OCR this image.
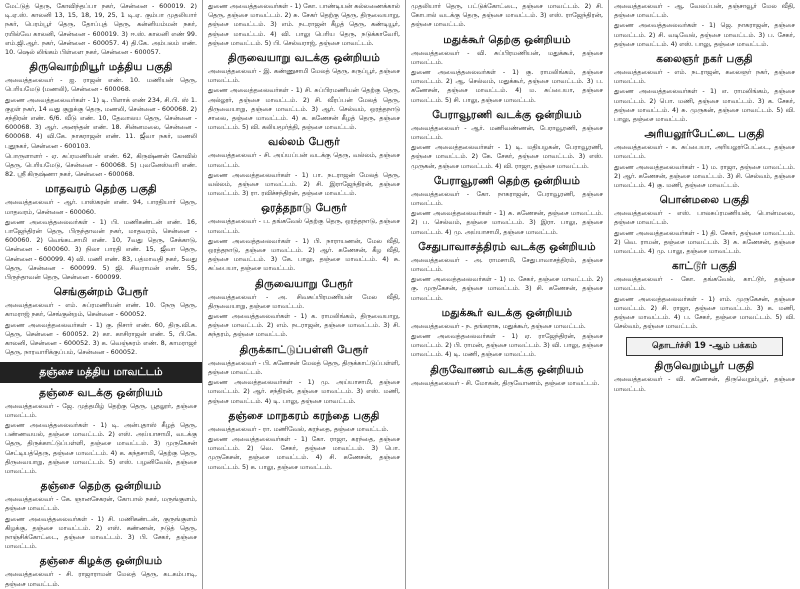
மேட்டுத் தெரு, கோவிந்தப்பா நகர், சென்னை - 600019. 2) டி.ஏ.ஸ். காலனி 13, 15, 18, 19, 25, 1 டி.ஏ. கும்பா முதலியார் நகர், பெரம்பூர் தெரு, தோப்புத் தெரு, கன்னியம்மன் நகர், ரயில்வே காலனி, சென்னை - 600019. 3) ஈ.ஸ். காலனி எண் 99. எம்.ஜி.ஆர். நகர், சென்னை - 600057. 4) தி.கே. அம்பலம் எண். 10. ஷெல் லிங்கம் பிள்ளை நகர், சென்னை - 600057.
திருவொற்றியூர் மத்திய பகுதி
அவைத்தலைவர் - ஐ. ராஜன் எண். 10. மணியன் தெரு, பெரியமேடு (மணலி), சென்னை - 600068.
துணை அவைத்தலைவர்கள் - 1) டி. பிளாக் எண் 234, சி.பி. ஸ் 1. குறள் நகர், 14 வது குறுக்கு தெரு, மணலி, சென்னை - 600068. 2) சந்திரன் எண். 6/6. வீடு எண். 10, தேவாலய தெரு, சென்னை - 600068. 3) ஆர். அனந்தன் எண். 18. சின்னமலை, சென்னை - 600068. 4) வி.கே. நாகராஜன் எண். 11. ஜீவா நகர், மணலி புதுநகர், சென்னை - 600103.
பொருளாளர் - ஏ. சுப்ரமணியன் எண். 62, கிருஷ்ணன் கோவில் தெரு, பெரியமேடு, சென்னை - 600068. 5) புவனேஸ்வரி எண். 82. ஸ்ரீ கிருஷ்ணா நகர், சென்னை - 600068.
மாதவரம் தெற்கு பகுதி
அவைத்தலைவர் - ஆர். பாஸ்கரன் எண். 94, பாரதியார் தெரு, மாதவரம், சென்னை - 600060.
துணை அவைத்தலைவர்கள் - 1) பி. மணிகண்டன் எண். 16, பாஜேந்திரன் தெரு, பிருந்தாவன் நகர், மாதவரம், சென்னை - 600060. 2) வெங்கடசாமி எண். 10, 7வது தெரு, சேக்காடு, சென்னை - 600060. 3) நிலா பாரதி எண். 15, ஜீவா தெரு, சென்னை - 600099. 4) வி. மணி எண். 83, பத்மாவதி நகர், 5வது தெரு, சென்னை - 600099. 5) ஜி. சிவராமன் எண். 55, பிருந்தாவன் தெரு, சென்னை - 600099.
செங்குன்றம் பேரூர்
அவைத்தலைவர் - எம். சுப்ரமணியன் எண். 10. நேரு தெரு, காமராஜ் நகர், செங்குன்றம், சென்னை - 600052.
துணை அவைத்தலைவர்கள் - 1) கு. நிசார் எண். 60, திரு.வி.க. தெரு, சென்னை - 600052. 2) கா. காசிராஜன் எண். 5, பி.கே. காலனி, சென்னை - 600052. 3) க. வெஞ்சுரம் எண். 8, காமராஜர் தெரு, நாரவாரிக்குப்பம், சென்னை - 600052.
தஞ்சை மத்திய மாவட்டம்
தஞ்சை வடக்கு ஒன்றியம்
அவைத்தலைவர் - ஜே. முத்தமிழ் தெற்கு தெரு, பூதலூர், தஞ்சை மாவட்டம்.
துணை அவைத்தலைவர்கள் - 1) டி. அன்புதாஸ் கீழத் தெரு, பண்ணவயல், தஞ்சை மாவட்டம். 2) எஸ். அய்யாசாமி, வடக்கு தெரு, திருக்காட்டுப்பள்ளி, தஞ்சை மாவட்டம். 3) முருகேசன் செட்டியத்தெரு, தஞ்சை மாவட்டம். 4) க. கந்தசாமி, தெற்கு தெரு, திருவையாறு, தஞ்சை மாவட்டம். 5) எஸ். பழனிவேல், தஞ்சை மாவட்டம்.
தஞ்சை தெற்கு ஒன்றியம்
அவைத்தலைவர் - கே. ஞானசேகரன், கோபால் நகர், மருங்குளம், தஞ்சை மாவட்டம்.
துணை அவைத்தலைவர்கள் - 1) சி. மணிகண்டன், குருங்குளம் கிழக்கு, தஞ்சை மாவட்டம். 2) எஸ். கண்ணன், நடுத் தெரு, நாஞ்சிக்கோட்டை, தஞ்சை மாவட்டம். 3) பி. சேகர், தஞ்சை மாவட்டம்.
தஞ்சை கிழக்கு ஒன்றியம்
அவைத்தலைவர் - சி. ராஜாராமன் மேலத் தெரு, கடகம்பாடி, தஞ்சை மாவட்டம்.
துணை அவைத்தலைவர்கள் - 1) கோ. பாண்டியன் கல்லணைக்கால் தெரு, தஞ்சை மாவட்டம். 2) சு. சேகர் தெற்கு தெரு, திருவையாறு, தஞ்சை மாவட்டம். 3) எம். நடராஜன் கீழத் தெரு, கண்டியூர், தஞ்சை மாவட்டம். 4) வி. பாலு பெரிய தெரு, நடுக்காவேரி, தஞ்சை மாவட்டம். 5) பி. செல்வராஜ், தஞ்சை மாவட்டம்.
திருவையாறு வடக்கு ஒன்றியம்
அவைத்தலைவர் - இ. கண்ணுசாமி மேலத் தெரு, கருப்பூர், தஞ்சை மாவட்டம்.
துணை அவைத்தலைவர்கள் - 1) சி. சுப்பிரமணியன் தெற்கு தெரு, அல்லூர், தஞ்சை மாவட்டம். 2) சி. வீரப்பன் மேலத் தெரு, திருவையாறு, தஞ்சை மாவட்டம். 3) ஆர். செல்வம், ஒரத்தநாடு சாலை, தஞ்சை மாவட்டம். 4) க. கணேசன் கீழத் தெரு, தஞ்சை மாவட்டம். 5) வி. கலியமூர்த்தி, தஞ்சை மாவட்டம்.
வல்லம் பேரூர்
அவைத்தலைவர் - சி. அய்யப்பன் வடக்கு தெரு, வல்லம், தஞ்சை மாவட்டம்.
துணை அவைத்தலைவர்கள் - 1) பா. நடராஜன் மேலத் தெரு, வல்லம், தஞ்சை மாவட்டம். 2) சி. இராஜேந்திரன், தஞ்சை மாவட்டம். 3) ரா. ரவிச்சந்திரன், தஞ்சை மாவட்டம்.
ஒரத்தநாடு பேரூர்
அவைத்தலைவர் - ப. தங்கவேல் தெற்கு தெரு, ஒரத்தநாடு, தஞ்சை மாவட்டம்.
துணை அவைத்தலைவர்கள் - 1) பி. நாராயணன், மேல வீதி, ஒரத்தநாடு, தஞ்சை மாவட்டம். 2) ஆர். கணேசன், கீழ வீதி, தஞ்சை மாவட்டம். 3) கே. பாலு, தஞ்சை மாவட்டம். 4) சு. சுப்பையா, தஞ்சை மாவட்டம்.
திருவையாறு பேரூர்
அவைத்தலைவர் - அ. சிவசுப்பிரமணியன் மேல வீதி, திருவையாறு, தஞ்சை மாவட்டம்.
துணை அவைத்தலைவர்கள் - 1) க. ராமலிங்கம், திருவையாறு, தஞ்சை மாவட்டம். 2) எம். நடராஜன், தஞ்சை மாவட்டம். 3) சி. சுந்தரம், தஞ்சை மாவட்டம்.
திருக்காட்டுப்பள்ளி பேரூர்
அவைத்தலைவர் - பி. கணேசன் மேலத் தெரு, திருக்காட்டுப்பள்ளி, தஞ்சை மாவட்டம்.
துணை அவைத்தலைவர்கள் - 1) மு. அய்யாசாமி, தஞ்சை மாவட்டம். 2) ஆர். சந்திரன், தஞ்சை மாவட்டம். 3) எஸ். மணி, தஞ்சை மாவட்டம். 4) டி. பாலு, தஞ்சை மாவட்டம்.
தஞ்சை மாநகரம் கரந்தை பகுதி
அவைத்தலைவர் - ரா. மணிவேல், கரந்தை, தஞ்சை மாவட்டம்.
துணை அவைத்தலைவர்கள் - 1) கோ. ராஜா, கரந்தை, தஞ்சை மாவட்டம். 2) வெ. சேகர், தஞ்சை மாவட்டம். 3) பொ. முருகேசன், தஞ்சை மாவட்டம். 4) சி. கணேசன், தஞ்சை மாவட்டம். 5) க. பாலு, தஞ்சை மாவட்டம்.
முதலியார் தெரு, பட்டுக்கோட்டை, தஞ்சை மாவட்டம். 2) சி. கோபால் வடக்கு தெரு, தஞ்சை மாவட்டம். 3) எஸ். ராஜேந்திரன், தஞ்சை மாவட்டம்.
மதுக்கூர் தெற்கு ஒன்றியம்
அவைத்தலைவர் - வி. சுப்பிரமணியன், மதுக்கூர், தஞ்சை மாவட்டம்.
துணை அவைத்தலைவர்கள் - 1) கு. ராமலிங்கம், தஞ்சை மாவட்டம். 2) ஆ. செல்வம், மதுக்கூர், தஞ்சை மாவட்டம். 3) ப. கணேசன், தஞ்சை மாவட்டம். 4) ம. சுப்பையா, தஞ்சை மாவட்டம். 5) சி. பாலு, தஞ்சை மாவட்டம்.
பேராவூரணி வடக்கு ஒன்றியம்
அவைத்தலைவர் - ஆர். மணிவண்ணன், பேராவூரணி, தஞ்சை மாவட்டம்.
துணை அவைத்தலைவர்கள் - 1) டி. மதியழகன், பேராவூரணி, தஞ்சை மாவட்டம். 2) கே. சேகர், தஞ்சை மாவட்டம். 3) எஸ். முருகன், தஞ்சை மாவட்டம். 4) வி. ராஜா, தஞ்சை மாவட்டம்.
பேராவூரணி தெற்கு ஒன்றியம்
அவைத்தலைவர் - கோ. நாகராஜன், பேராவூரணி, தஞ்சை மாவட்டம்.
துணை அவைத்தலைவர்கள் - 1) சு. கணேசன், தஞ்சை மாவட்டம். 2) ப. செல்வம், தஞ்சை மாவட்டம். 3) இரா. பாலு, தஞ்சை மாவட்டம். 4) மு. அய்யாசாமி, தஞ்சை மாவட்டம்.
சேதுபாவாசத்திரம் வடக்கு ஒன்றியம்
அவைத்தலைவர் - அ. ராமசாமி, சேதுபாவாசத்திரம், தஞ்சை மாவட்டம்.
துணை அவைத்தலைவர்கள் - 1) ம. சேகர், தஞ்சை மாவட்டம். 2) கு. முருகேசன், தஞ்சை மாவட்டம். 3) சி. கணேசன், தஞ்சை மாவட்டம்.
மதுக்கூர் வடக்கு ஒன்றியம்
அவைத்தலைவர் - ந. தங்கராசு, மதுக்கூர், தஞ்சை மாவட்டம்.
துணை அவைத்தலைவர்கள் - 1) ஏ. ராஜேந்திரன், தஞ்சை மாவட்டம். 2) பி. ராமன், தஞ்சை மாவட்டம். 3) வி. பாலு, தஞ்சை மாவட்டம். 4) டி. மணி, தஞ்சை மாவட்டம்.
திருவோணம் வடக்கு ஒன்றியம்
அவைத்தலைவர் - சி. மோகன், திருவோணம், தஞ்சை மாவட்டம்.
அவைத்தலைவர் - ஆ. வேலப்பன், தஞ்சாவூர் மேல வீதி, தஞ்சை மாவட்டம்.
துணை அவைத்தலைவர்கள் - 1) ஜெ. நாகராஜன், தஞ்சை மாவட்டம். 2) சி. வடிவேல், தஞ்சை மாவட்டம். 3) ப. சேகர், தஞ்சை மாவட்டம். 4) எஸ். பாலு, தஞ்சை மாவட்டம்.
கலைஞர் நகர் பகுதி
அவைத்தலைவர் - எம். நடராஜன், கலைஞர் நகர், தஞ்சை மாவட்டம்.
துணை அவைத்தலைவர்கள் - 1) எ. ராமலிங்கம், தஞ்சை மாவட்டம். 2) பொ. மணி, தஞ்சை மாவட்டம். 3) க. சேகர், தஞ்சை மாவட்டம். 4) சு. முருகன், தஞ்சை மாவட்டம். 5) வி. பாலு, தஞ்சை மாவட்டம்.
அரியலூர்பேட்டை பகுதி
அவைத்தலைவர் - க. சுப்பையா, அரியலூர்பேட்டை, தஞ்சை மாவட்டம்.
துணை அவைத்தலைவர்கள் - 1) ம. ராஜா, தஞ்சை மாவட்டம். 2) ஆர். கணேசன், தஞ்சை மாவட்டம். 3) சி. செல்வம், தஞ்சை மாவட்டம். 4) கு. மணி, தஞ்சை மாவட்டம்.
பொன்மலை பகுதி
அவைத்தலைவர் - எஸ். பாலசுப்ரமணியன், பொன்மலை, தஞ்சை மாவட்டம்.
துணை அவைத்தலைவர்கள் - 1) தி. சேகர், தஞ்சை மாவட்டம். 2) வெ. ராமன், தஞ்சை மாவட்டம். 3) சு. கணேசன், தஞ்சை மாவட்டம். 4) மு. பாலு, தஞ்சை மாவட்டம்.
காட்டூர் பகுதி
அவைத்தலைவர் - கோ. தங்கவேல், காட்டூர், தஞ்சை மாவட்டம்.
துணை அவைத்தலைவர்கள் - 1) எம். முருகேசன், தஞ்சை மாவட்டம். 2) சி. ராஜா, தஞ்சை மாவட்டம். 3) க. மணி, தஞ்சை மாவட்டம். 4) ப. சேகர், தஞ்சை மாவட்டம். 5) வி. செல்வம், தஞ்சை மாவட்டம்.
தொடர்ச்சி 19 -ஆம் பக்கம்
திருவெறும்பூர் பகுதி
அவைத்தலைவர் - வி. கணேசன், திருவெறும்பூர், தஞ்சை மாவட்டம்.
